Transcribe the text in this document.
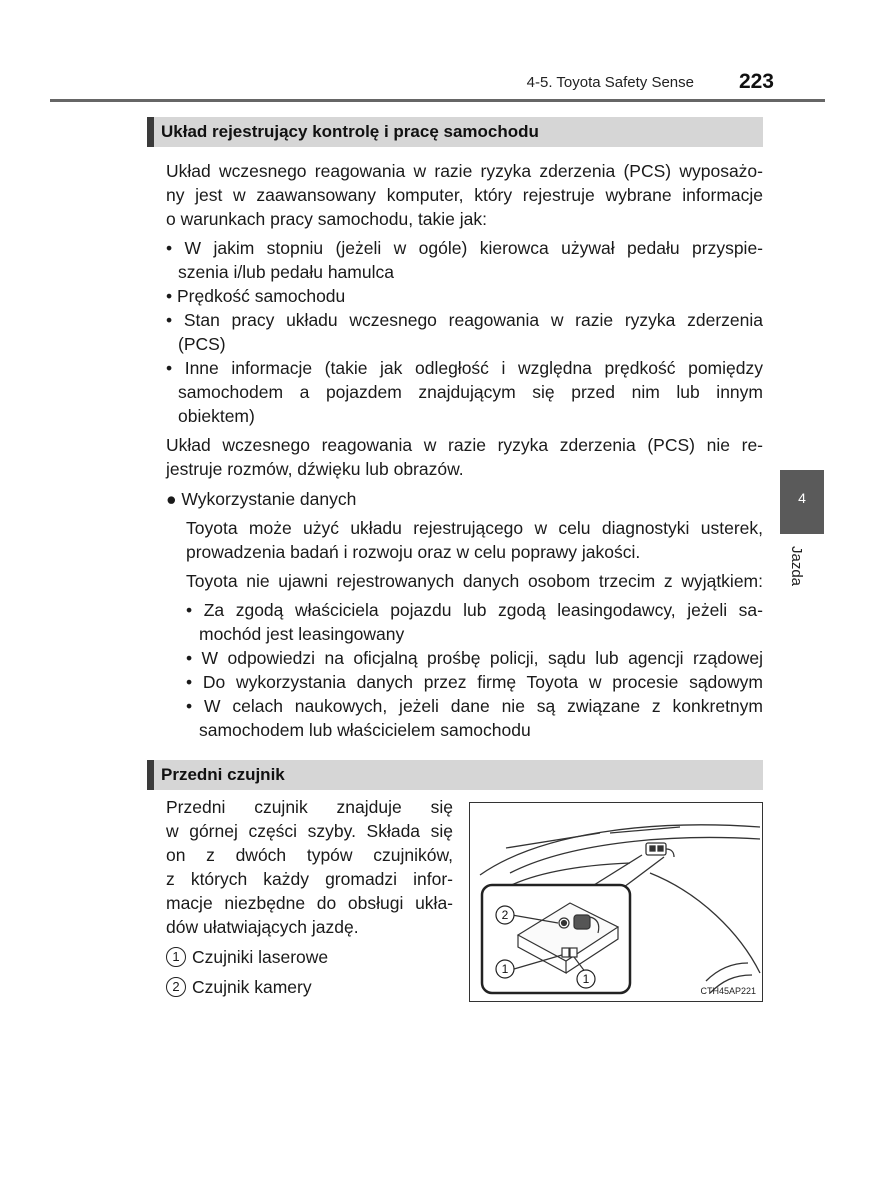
4-5. Toyota Safety Sense 223
4
Jazda
Układ rejestrujący kontrolę i pracę samochodu
Układ wczesnego reagowania w razie ryzyka zderzenia (PCS) wyposażo-
ny jest w zaawansowany komputer, który rejestruje wybrane informacje
o warunkach pracy samochodu, takie jak:
• W jakim stopniu (jeżeli w ogóle) kierowca używał pedału przyspie-
szenia i/lub pedału hamulca
• Prędkość samochodu
• Stan pracy układu wczesnego reagowania w razie ryzyka zderzenia
(PCS)
• Inne informacje (takie jak odległość i względna prędkość pomiędzy
samochodem a pojazdem znajdującym się przed nim lub innym
obiektem)
Układ wczesnego reagowania w razie ryzyka zderzenia (PCS) nie re-
jestruje rozmów, dźwięku lub obrazów.
● Wykorzystanie danych
Toyota może użyć układu rejestrującego w celu diagnostyki usterek,
prowadzenia badań i rozwoju oraz w celu poprawy jakości.
Toyota nie ujawni rejestrowanych danych osobom trzecim z wyjątkiem:
• Za zgodą właściciela pojazdu lub zgodą leasingodawcy, jeżeli sa-
mochód jest leasingowany
• W odpowiedzi na oficjalną prośbę policji, sądu lub agencji rządowej
• Do wykorzystania danych przez firmę Toyota w procesie sądowym
• W celach naukowych, jeżeli dane nie są związane z konkretnym
samochodem lub właścicielem samochodu
Przedni czujnik
Przedni czujnik znajduje się
w górnej części szyby. Składa się
on z dwóch typów czujników,
z których każdy gromadzi infor-
macje niezbędne do obsługi ukła-
dów ułatwiających jazdę.
1 Czujniki laserowe
2 Czujnik kamery
2
1
1
CTH45AP221
